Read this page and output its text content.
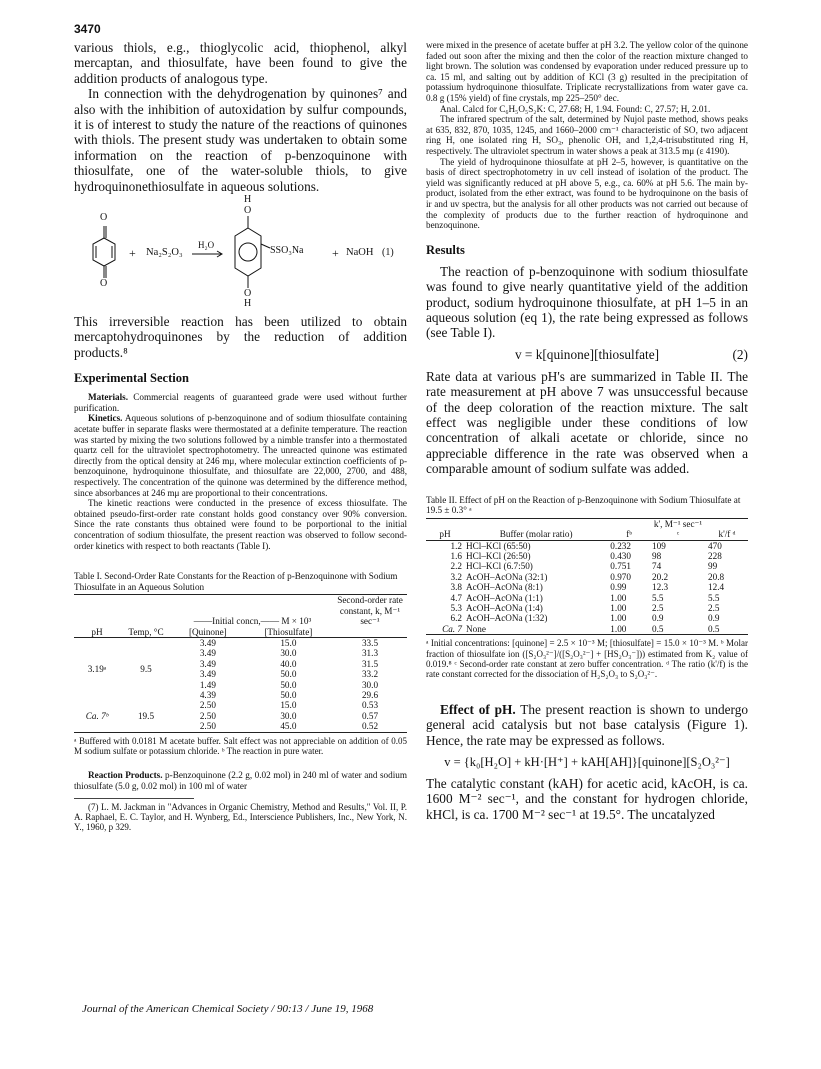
3470

various thiols, e.g., thioglycolic acid, thiophenol, alkyl mercaptan, and thiosulfate, have been found to give the addition products of analogous type.

In connection with the dehydrogenation by quinones⁷ and also with the inhibition of autoxidation by sulfur compounds, it is of interest to study the nature of the reactions of quinones with thiols. The present study was undertaken to obtain some information on the reaction of p-benzoquinone with thiosulfate, one of the water-soluble thiols, to give hydroquinonethiosulfate in aqueous solutions.

O
O
+ Na₂S₂O₃
H₂O
H
O
O
H
SSO₃Na + NaOH (1)

This irreversible reaction has been utilized to obtain mercaptohydroquinones by the reduction of addition products.⁸

Experimental Section

Materials. Commercial reagents of guaranteed grade were used without further purification.

Kinetics. Aqueous solutions of p-benzoquinone and of sodium thiosulfate containing acetate buffer in separate flasks were thermostated at a definite temperature. The reaction was started by mixing the two solutions followed by a nimble transfer into a thermostated quartz cell for the ultraviolet spectrophotometry. The unreacted quinone was estimated directly from the optical density at 246 mμ, where molecular extinction coefficients of p-benzoquinone, hydroquinone thiosulfate, and thiosulfate are 22,000, 2700, and 488, respectively. The concentration of the quinone was determined by the difference method, since absorbances at 246 mμ are proportional to their concentrations.

The kinetic reactions were conducted in the presence of excess thiosulfate. The obtained pseudo-first-order rate constant holds good constancy over 90% conversion. Since the rate constants thus obtained were found to be porportional to the initial concentration of sodium thiosulfate, the present reaction was observed to follow second-order kinetics with respect to both reactants (Table I).

Table I. Second-Order Rate Constants for the Reaction of p-Benzoquinone with Sodium Thiosulfate in an Aqueous Solution
		——Initial concn,—— M × 10³		Second-order rate constant, k, M⁻¹ sec⁻¹
pH	Temp, °C	[Quinone]	[Thiosulfate]	
3.19ᵃ	9.5	3.49	15.0	33.5
		3.49	30.0	31.3
		3.49	40.0	31.5
		3.49	50.0	33.2
		1.49	50.0	30.0
		4.39	50.0	29.6
Ca. 7ᵇ	19.5	2.50	15.0	0.53
		2.50	30.0	0.57
		2.50	45.0	0.52

ᵃ Buffered with 0.0181 M acetate buffer. Salt effect was not appreciable on addition of 0.05 M sodium sulfate or potassium chloride. ᵇ The reaction in pure water.

Reaction Products. p-Benzoquinone (2.2 g, 0.02 mol) in 240 ml of water and sodium thiosulfate (5.0 g, 0.02 mol) in 100 ml of water

(7) L. M. Jackman in "Advances in Organic Chemistry, Method and Results," Vol. II, P. A. Raphael, E. C. Taylor, and H. Wynberg, Ed., Interscience Publishers, Inc., New York, N. Y., 1960, p 329.

were mixed in the presence of acetate buffer at pH 3.2. The yellow color of the quinone faded out soon after the mixing and then the color of the reaction mixture changed to light brown. The solution was condensed by evaporation under reduced pressure up to ca. 15 ml, and salting out by addition of KCl (3 g) resulted in the precipitation of potassium hydroquinone thiosulfate. Triplicate recrystallizations from water gave ca. 0.8 g (15% yield) of fine crystals, mp 225–250° dec.

Anal. Calcd for C₆H₅O₅S₂K: C, 27.68; H, 1.94. Found: C, 27.57; H, 2.01.

The infrared spectrum of the salt, determined by Nujol paste method, shows peaks at 635, 832, 870, 1035, 1245, and 1660–2000 cm⁻¹ characteristic of SO, two adjacent ring H, one isolated ring H, SO₃, phenolic OH, and 1,2,4-trisubstituted ring H, respectively. The ultraviolet spectrum in water shows a peak at 313.5 mμ (ε 4190).

The yield of hydroquinone thiosulfate at pH 2–5, however, is quantitative on the basis of direct spectrophotometry in uv cell instead of isolation of the product. The yield was significantly reduced at pH above 5, e.g., ca. 60% at pH 5.6. The main by-product, isolated from the ether extract, was found to be hydroquinone on the basis of ir and uv spectra, but the analysis for all other products was not carried out because of the complexity of products due to the further reaction of hydroquinone and benzoquinone.

Results

The reaction of p-benzoquinone with sodium thiosulfate was found to give nearly quantitative yield of the addition product, sodium hydroquinone thiosulfate, at pH 1–5 in an aqueous solution (eq 1), the rate being expressed as follows (see Table I).

v = k[quinone][thiosulfate]	(2)

Rate data at various pH's are summarized in Table II. The rate measurement at pH above 7 was unsuccessful because of the deep coloration of the reaction mixture. The salt effect was negligible under these conditions of low concentration of alkali acetate or chloride, since no appreciable difference in the rate was observed when a comparable amount of sodium sulfate was added.

Table II. Effect of pH on the Reaction of p-Benzoquinone with Sodium Thiosulfate at 19.5 ± 0.3° ᵃ
pH	Buffer (molar ratio)	fᵇ	k', M⁻¹ sec⁻¹ ᶜ	k'/f ᵈ
1.2	HCl–KCl (65:50)	0.232	109	470
1.6	HCl–KCl (26:50)	0.430	98	228
2.2	HCl–KCl (6.7:50)	0.751	74	99
3.2	AcOH–AcONa (32:1)	0.970	20.2	20.8
3.8	AcOH–AcONa (8:1)	0.99	12.3	12.4
4.7	AcOH–AcONa (1:1)	1.00	5.5	5.5
5.3	AcOH–AcONa (1:4)	1.00	2.5	2.5
6.2	AcOH–AcONa (1:32)	1.00	0.9	0.9
Ca. 7	None	1.00	0.5	0.5

ᵃ Initial concentrations: [quinone] = 2.5 × 10⁻³ M; [thiosulfate] = 15.0 × 10⁻³ M. ᵇ Molar fraction of thiosulfate ion ([S₂O₃²⁻]/([S₂O₃²⁻] + [HS₂O₃⁻])) estimated from K₂ value of 0.019.⁸ ᶜ Second-order rate constant at zero buffer concentration. ᵈ The ratio (k'/f) is the rate constant corrected for the dissociation of H₂S₂O₃ to S₂O₃²⁻.

Effect of pH. The present reaction is shown to undergo general acid catalysis but not base catalysis (Figure 1). Hence, the rate may be expressed as follows.

v = {k₀[H₂O] + kH·[H⁺] + kAH[AH]}[quinone][S₂O₃²⁻]

The catalytic constant (kAH) for acetic acid, kAcOH, is ca. 1600 M⁻² sec⁻¹, and the constant for hydrogen chloride, kHCl, is ca. 1700 M⁻² sec⁻¹ at 19.5°. The uncatalyzed

Journal of the American Chemical Society / 90:13 / June 19, 1968
